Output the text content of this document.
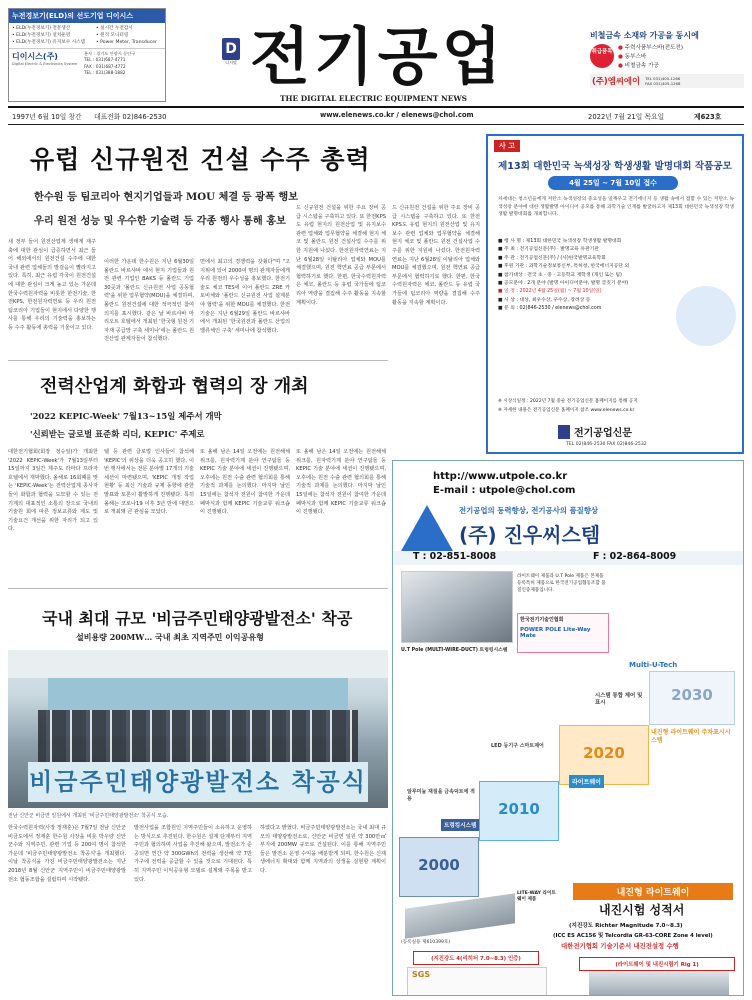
누전경보기(ELD)의 선도기업 디이시스
• ELD(누전경보기) 전문생산
• ELD(누전경보기) 설치운영
• ELD(누전경보기) 유지보수 시스템
• 실시간 누전감시
• 원격 모니터링
• Power Meter, Transducer
디이시스(주)
Digital Electric & Electronics System
본사 : 경기도 안양시 동안구
TEL : 031)687-4771
FAX : 031)687-4772
TEL : 031)388-1882
D
디지털 전기공업
THE DIGITAL ELECTRIC EQUIPMENT NEWS
비철금속 소재와 가공을 동시에
취급품목
● 주력사품부스바(전도전)
● 동부스바
● 비철금속 가공
(주)엠씨에이	TEL 031)405-1266
FAX 031)405-1268
1997년 6월 10일 창간 대표전화 02)846-2530	www.elenews.co.kr / elenews@chol.com	2022년 7월 21일 목요일	제623호
유럽 신규원전 건설 수주 총력
한수원 등 팀코리아 현지기업들과 MOU 체결 등 광폭 행보
우리 원전 성능 및 우수한 기술력 등 각종 행사 통해 홍보
새 정부 들어 원전산업계 생태계 재구축에 대한 관심이 급증하면서 최근 들어 해외에서의 원전건설 수주에 대한 국내 관련 업체들의 발걸음이 빨라지고 있다. 특히, 최근 유럽 각국이 원전건설에 대한 관심이 크게 높고 있는 가운데 한국수력원자력을 비롯한 한전기술, 한전KPS, 한전원자력연료 등 우리 원전 팀코리아 기업들이 현지에서 다양한 행사를 통해 우리의 기술력을 홍보하는 등 수주 활동에 총력을 기울이고 있다.
이러한 가운데 한수원은 지난 6월30일 폴란드 바르샤바 에서 현지 기업들과 원전 관련 기업인 BAKS 등 폴란드 기업 30곳과 '폴란드 신규원전 사업 공동협력'을 위한 업무협약(MOU)을 체결하며, 폴란드 원전건설에 대한 적극적인 참여 의지를 표시했다. 같은 날 바르샤바 마리오트 호텔에서 개최된 '한국형 원전 기자재 공급망 구축 세미나'에는 폴란드 원전산업 관계자들이 참석했다.
면에서 최고의 경쟁력을 갖췄다"며 "고 지위에 있어 2000여 명의 관계자들에게 우리 원전의 우수성을 홍보했다. 한전기술도 체코 TES에 이어 폴란드 ZRE 카토비체와 '폴란드 신규원전 사업 설계분야 협력'을 위한 MOU를 체결했다. 한전기술은 지난 6월29일 폴란드 바르샤바에서 개최된 '한국원전과 폴란드 산업의 밸류체인 구축' 세미나에 참석했다.
드 신규원전 건설을 위한 주요 장비 공급 시스템을 구축하고 있다. 또 한전KPS도 유럽 현지의 원전산업 및 유지보수 관련 업체와 업무협약을 체결해 현지 체코 및 폴란드 원전 건설사업 수주를 위한 지원에 나섰다. 한전원자력연료는 지난 6월28일 이탈리아 업체와 MOU를 체결했으며, 원전 핵연료 공급 부문에서 협력하기로 했다. 한편, 한국수력원자력은 체코, 폴란드 등 유럽 국가들에 팀코리아 역량을 결집해 수주 활동을 지속할 계획이다.
드 신규원전 건설을 위한 주요 장비 공급 시스템을 구축하고 있다. 또 한전KPS도 유럽 현지의 원전산업 및 유지보수 관련 업체와 업무협약을 체결해 현지 체코 및 폴란드 원전 건설사업 수주를 위한 지원에 나섰다. 한전원자력연료는 지난 6월28일 이탈리아 업체와 MOU를 체결했으며, 원전 핵연료 공급 부문에서 협력하기로 했다. 한편, 한국수력원자력은 체코, 폴란드 등 유럽 국가들에 팀코리아 역량을 결집해 수주 활동을 지속할 계획이다.
사 고
제13회 대한민국 녹색성장 학생생활 발명대회 작품공모
4월 25일 ~ 7월 10일 접수
차세대는 청소년들에게 저탄소 녹색성장의 중요성을 일깨우고 전기에너지 등 생활 속에서 접할 수 있는 저탄소 녹색성장 분야에 대한 생활발명 아이디어 공모를 통해 과학기술 인재를 발굴하고자 제13회 대한민국 녹색성장 학생생활 발명대회를 개최합니다.
■ 행 사 명 : 제13회 대한민국 녹색성장 학생생활 발명대회
■ 주 최 : 전기공업신문(주) · 발명교육 유관기관
■ 주 관 : 전기공업신문(주) / (사)한국발명교육학회
■ 후원 기관 : 과학기술정보통신부, 특허청, 한국에너지공단 외
■ 참가대상 : 전국 초 · 중 · 고등학교 재학생 (개인 또는 팀)
■ 공모분야 : 2개 분야 (발명 아이디어분야, 발명 글짓기 분야)
■ 일 정 : 2022년 4월 25일(월) ~ 7월 10일(일)
■ 시 상 : 대상, 최우수상, 우수상, 장려상 등
■ 문 의 : 02)846-2530 / elenews@chol.com
※ 시상식일정 : 2022년 7월 중순 전기공업신문 홈페이지를 통해 공지
※ 자세한 내용은 전기공업신문 홈페이지 참조 www.elenews.co.kr
전기공업신문
TEL 02)846-2530 FAX 02)846-2532
전력산업계 화합과 협력의 장 개최
'2022 KEPIC-Week' 7월13~15일 제주서 개막
'신뢰받는 글로벌 표준화 리더, KEPIC' 주제로
대한전기협회(회장 정승일)가 개최한 '2022 KEPIC-Week'가 7월13일부터 15일까지 3일간 제주도 라마다 프라자 호텔에서 개막했다. 올해로 16회째를 맞는 'KEPIC-Week'는 전력산업계 종사자들이 화합과 협력을 도모할 수 있는 전기계의 대표적인 소통의 장으로 국내외 기술원 회에 따른 정보교류와 제도 및 기술요건 개선을 위한 자리가 되고 있다.
텔 등 관련 글로벌 인사들이 참석해 'KEPIC'의 위상을 더욱 공고히 했다. 이번 행사에서는 전문 분야별 17개의 기술 세션이 마련됐으며, 'KEPIC 개정 작업 현황' 등 최신 기술과 규제 동향에 관한 발표와 토론이 활발하게 진행됐다. 특히 올해는 코로나19 이후 3년 만에 대면으로 개최돼 큰 관심을 모았다.
또 올해 남은 14일 오전에는 원전해체 위크를, 원자력기계 분야 연구팀들 등 KEPIC 기술 분야에 세션이 진행됐으며, 오후에는 원전 수출 관련 협의회를 통해 기술적 과제를 논의했다. 마지막 날인 15일에는 참석자 전원이 참여한 가운데 폐막식과 함께 KEPIC 기술교류 워크숍이 진행됐다.
또 올해 남은 14일 오전에는 원전해체 위크를, 원자력기계 분야 연구팀들 등 KEPIC 기술 분야에 세션이 진행됐으며, 오후에는 원전 수출 관련 협의회를 통해 기술적 과제를 논의했다. 마지막 날인 15일에는 참석자 전원이 참여한 가운데 폐막식과 함께 KEPIC 기술교류 워크숍이 진행됐다.
국내 최대 규모 '비금주민태양광발전소' 착공
설비용량 200MW… 국내 최초 지역주민 이익공유형
비금주민태양광발전소 착공식
전남 신안군 비금면 일원에서 개최된 '비금주민태양광발전소' 착공식 모습.
한국수력원자력(사장 정재훈)은 7월7일 전남 신안군 비금도에서 정재훈 한수원 사장을 비롯 박우량 신안군수와 지역주민, 관련 기업 등 200여 명이 참석한 가운데 '비금주민태양광발전소 착공식'을 개최했다. 이날 착공식을 가진 비금주민태양광발전소는 지난 2018년 8월 신안군 지역주민이 비금주민태양광발전소 협동조합을 설립하며 시작됐다.
발전사업을 조합원인 지역주민들이 소유하고 운영하는 방식으로 추진된다. 한수원은 설계 단계부터 지역주민과 협의하며 사업을 추진해 왔으며, 발전소가 준공되면 연간 약 300GWh의 전력을 생산해 약 7만 가구에 전력을 공급할 수 있을 것으로 기대된다. 특히 지역주민 이익공유형 모델로 설계돼 주목을 받고 있다.
하였다고 밝혔다. 비금주민태양광발전소는 국내 최대 규모의 태양광발전소로, 신안군 비금면 일원 약 300만㎡ 부지에 200MW 규모로 건설된다. 이를 통해 지역주민들은 발전소 운영 수익을 배분받게 되며, 한수원은 신재생에너지 확대와 함께 지역과의 상생을 실현할 계획이다.
http://www.utpole.co.kr
E-mail : utpole@chol.com
전기공업의 동력향상, 전기공사의 품질향상
(주) 진우씨스템
T : 02-851-8008	F : 02-864-8009
라이트웨이 제품과 U.T Pole 제품은 본제품 등록특허 제품으로 한국전기공업협동조합 품질인증제품입니다.
U.T Pole (MULTI-WIRE-DUCT) 트렁킹시스템
한국전기기술인협회
POWER POLE Lite-Way Mate
2030
2020
2010
2000
트렁킹시스템
라이트웨이
내진형 라이트웨이 주차표시시스템
시스템 통합 제어 및 표시
알루미늄 재질을 금속덕트에 적용
LED 등기구 스마트제어
Multi-U-Tech
내진형 라이트웨이
내진시험 성적서
(지진강도 Richter Magnitude 7.0~8.3)
(ICC ES AC156 및 Telcordia GR-63-CORE Zone 4 level)
대한전기협회 기술기준서 내진전설정 수행
LITE-WAY 라이트웨이 제품
(등록실용 제610399호)
(지진강도 4(리히터 7.0~8.3) 인증)
(라이트웨이 및 내진시험기 Rig 1)
SGS
